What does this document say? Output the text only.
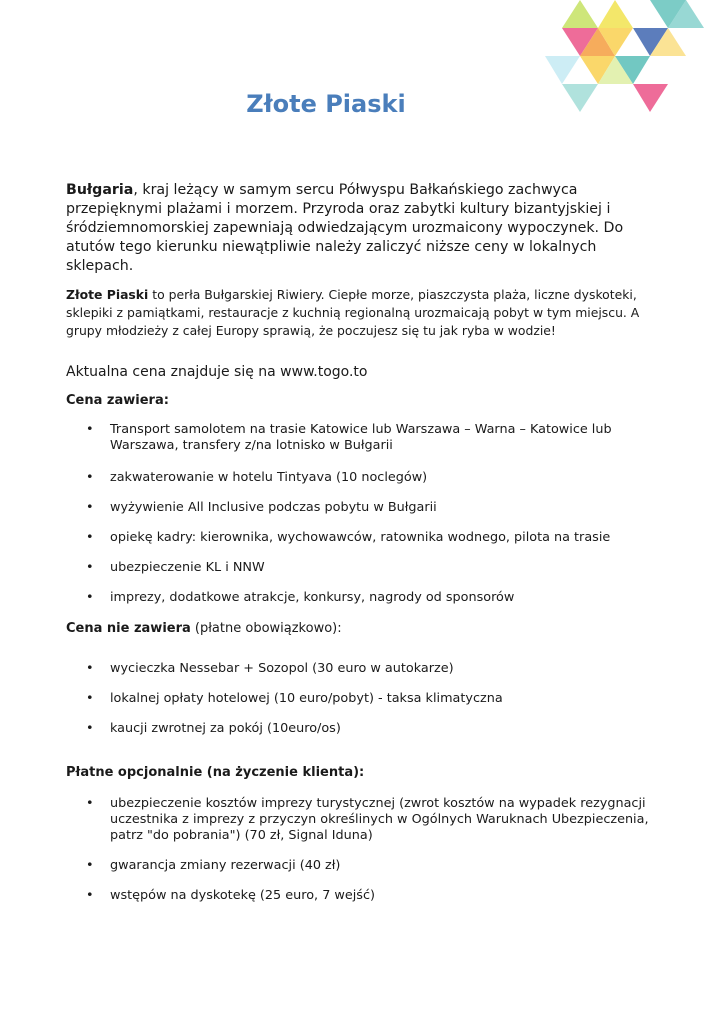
Złote Piaski

Bułgaria, kraj leżący w samym sercu Półwyspu Bałkańskiego zachwyca przepięknymi plażami i morzem. Przyroda oraz zabytki kultury bizantyjskiej i śródziemnomorskiej zapewniają odwiedzającym urozmaicony wypoczynek. Do atutów tego kierunku niewątpliwie należy zaliczyć niższe ceny w lokalnych sklepach.

Złote Piaski to perła Bułgarskiej Riwiery. Ciepłe morze, piaszczysta plaża, liczne dyskoteki, sklepiki z pamiątkami, restauracje z kuchnią regionalną urozmaicają pobyt w tym miejscu. A grupy młodzieży z całej Europy sprawią, że poczujesz się tu jak ryba w wodzie!

Aktualna cena znajduje się na www.togo.to

Cena zawiera:
• Transport samolotem na trasie Katowice lub Warszawa – Warna – Katowice lub Warszawa, transfery z/na lotnisko w Bułgarii
• zakwaterowanie w hotelu Tintyava (10 noclegów)
• wyżywienie All Inclusive podczas pobytu w Bułgarii
• opiekę kadry: kierownika, wychowawców, ratownika wodnego, pilota na trasie
• ubezpieczenie KL i NNW
• imprezy, dodatkowe atrakcje, konkursy, nagrody od sponsorów
Cena nie zawiera (płatne obowiązkowo):
• wycieczka Nessebar + Sozopol (30 euro w autokarze)
• lokalnej opłaty hotelowej (10 euro/pobyt) - taksa klimatyczna
• kaucji zwrotnej za pokój (10euro/os)
Płatne opcjonalnie (na życzenie klienta):
• ubezpieczenie kosztów imprezy turystycznej (zwrot kosztów na wypadek rezygnacji uczestnika z imprezy z przyczyn określinych w Ogólnych Waruknach Ubezpieczenia, patrz "do pobrania") (70 zł, Signal Iduna)
• gwarancja zmiany rezerwacji (40 zł)
• wstępów na dyskotekę (25 euro, 7 wejść)
